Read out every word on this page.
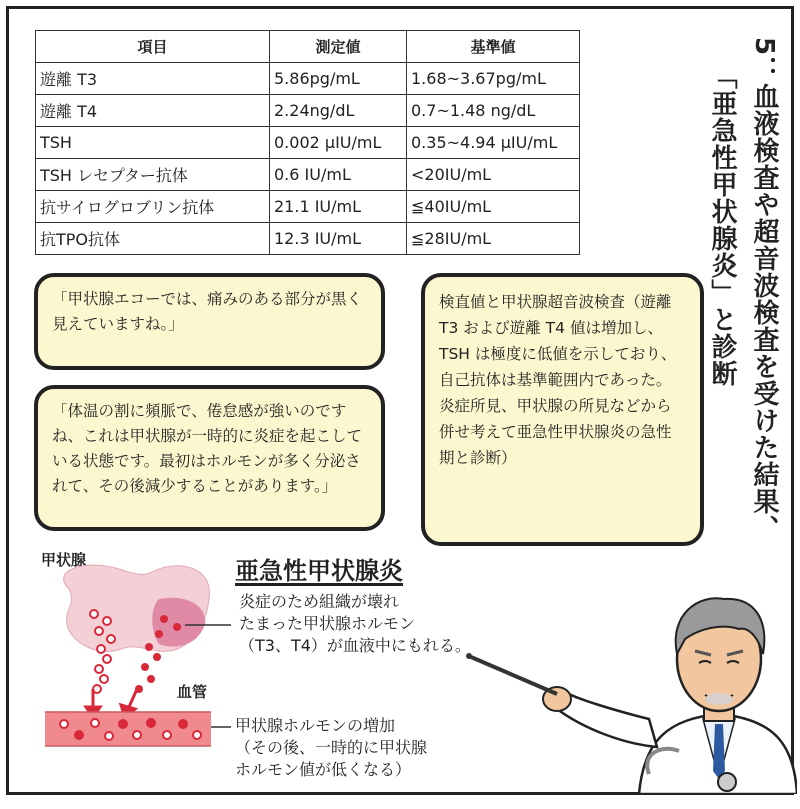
項目	測定値	基準値
遊離 T3	5.86pg/mL	1.68~3.67pg/mL
遊離 T4	2.24ng/dL	0.7~1.48 ng/dL
TSH	0.002 μIU/mL	0.35~4.94 μIU/mL
TSH レセプター抗体	0.6 IU/mL	<20IU/mL
抗サイログロブリン抗体	21.1 IU/mL	≦40IU/mL
抗TPO抗体	12.3 IU/mL	≦28IU/mL
「甲状腺エコーでは、痛みのある部分が黒く見えていますね。」
「体温の割に頻脈で、倦怠感が強いのですね、これは甲状腺が一時的に炎症を起こしている状態です。最初はホルモンが多く分泌されて、その後減少することがあります。」
検直値と甲状腺超音波検査（遊離 T3 および遊離 T4 値は増加し、TSH は極度に低値を示しており、自己抗体は基準範囲内であった。炎症所見、甲状腺の所見などから併せ考えて亜急性甲状腺炎の急性期と診断）	5：血液検査や超音波検査を受けた結果、
「亜急性甲状腺炎」と診断
甲状腺
血管
亜急性甲状腺炎
炎症のため組織が壊れ
たまった甲状腺ホルモン
（T3、T4）が血液中にもれる。
甲状腺ホルモンの増加
（その後、一時的に甲状腺
ホルモン値が低くなる）
